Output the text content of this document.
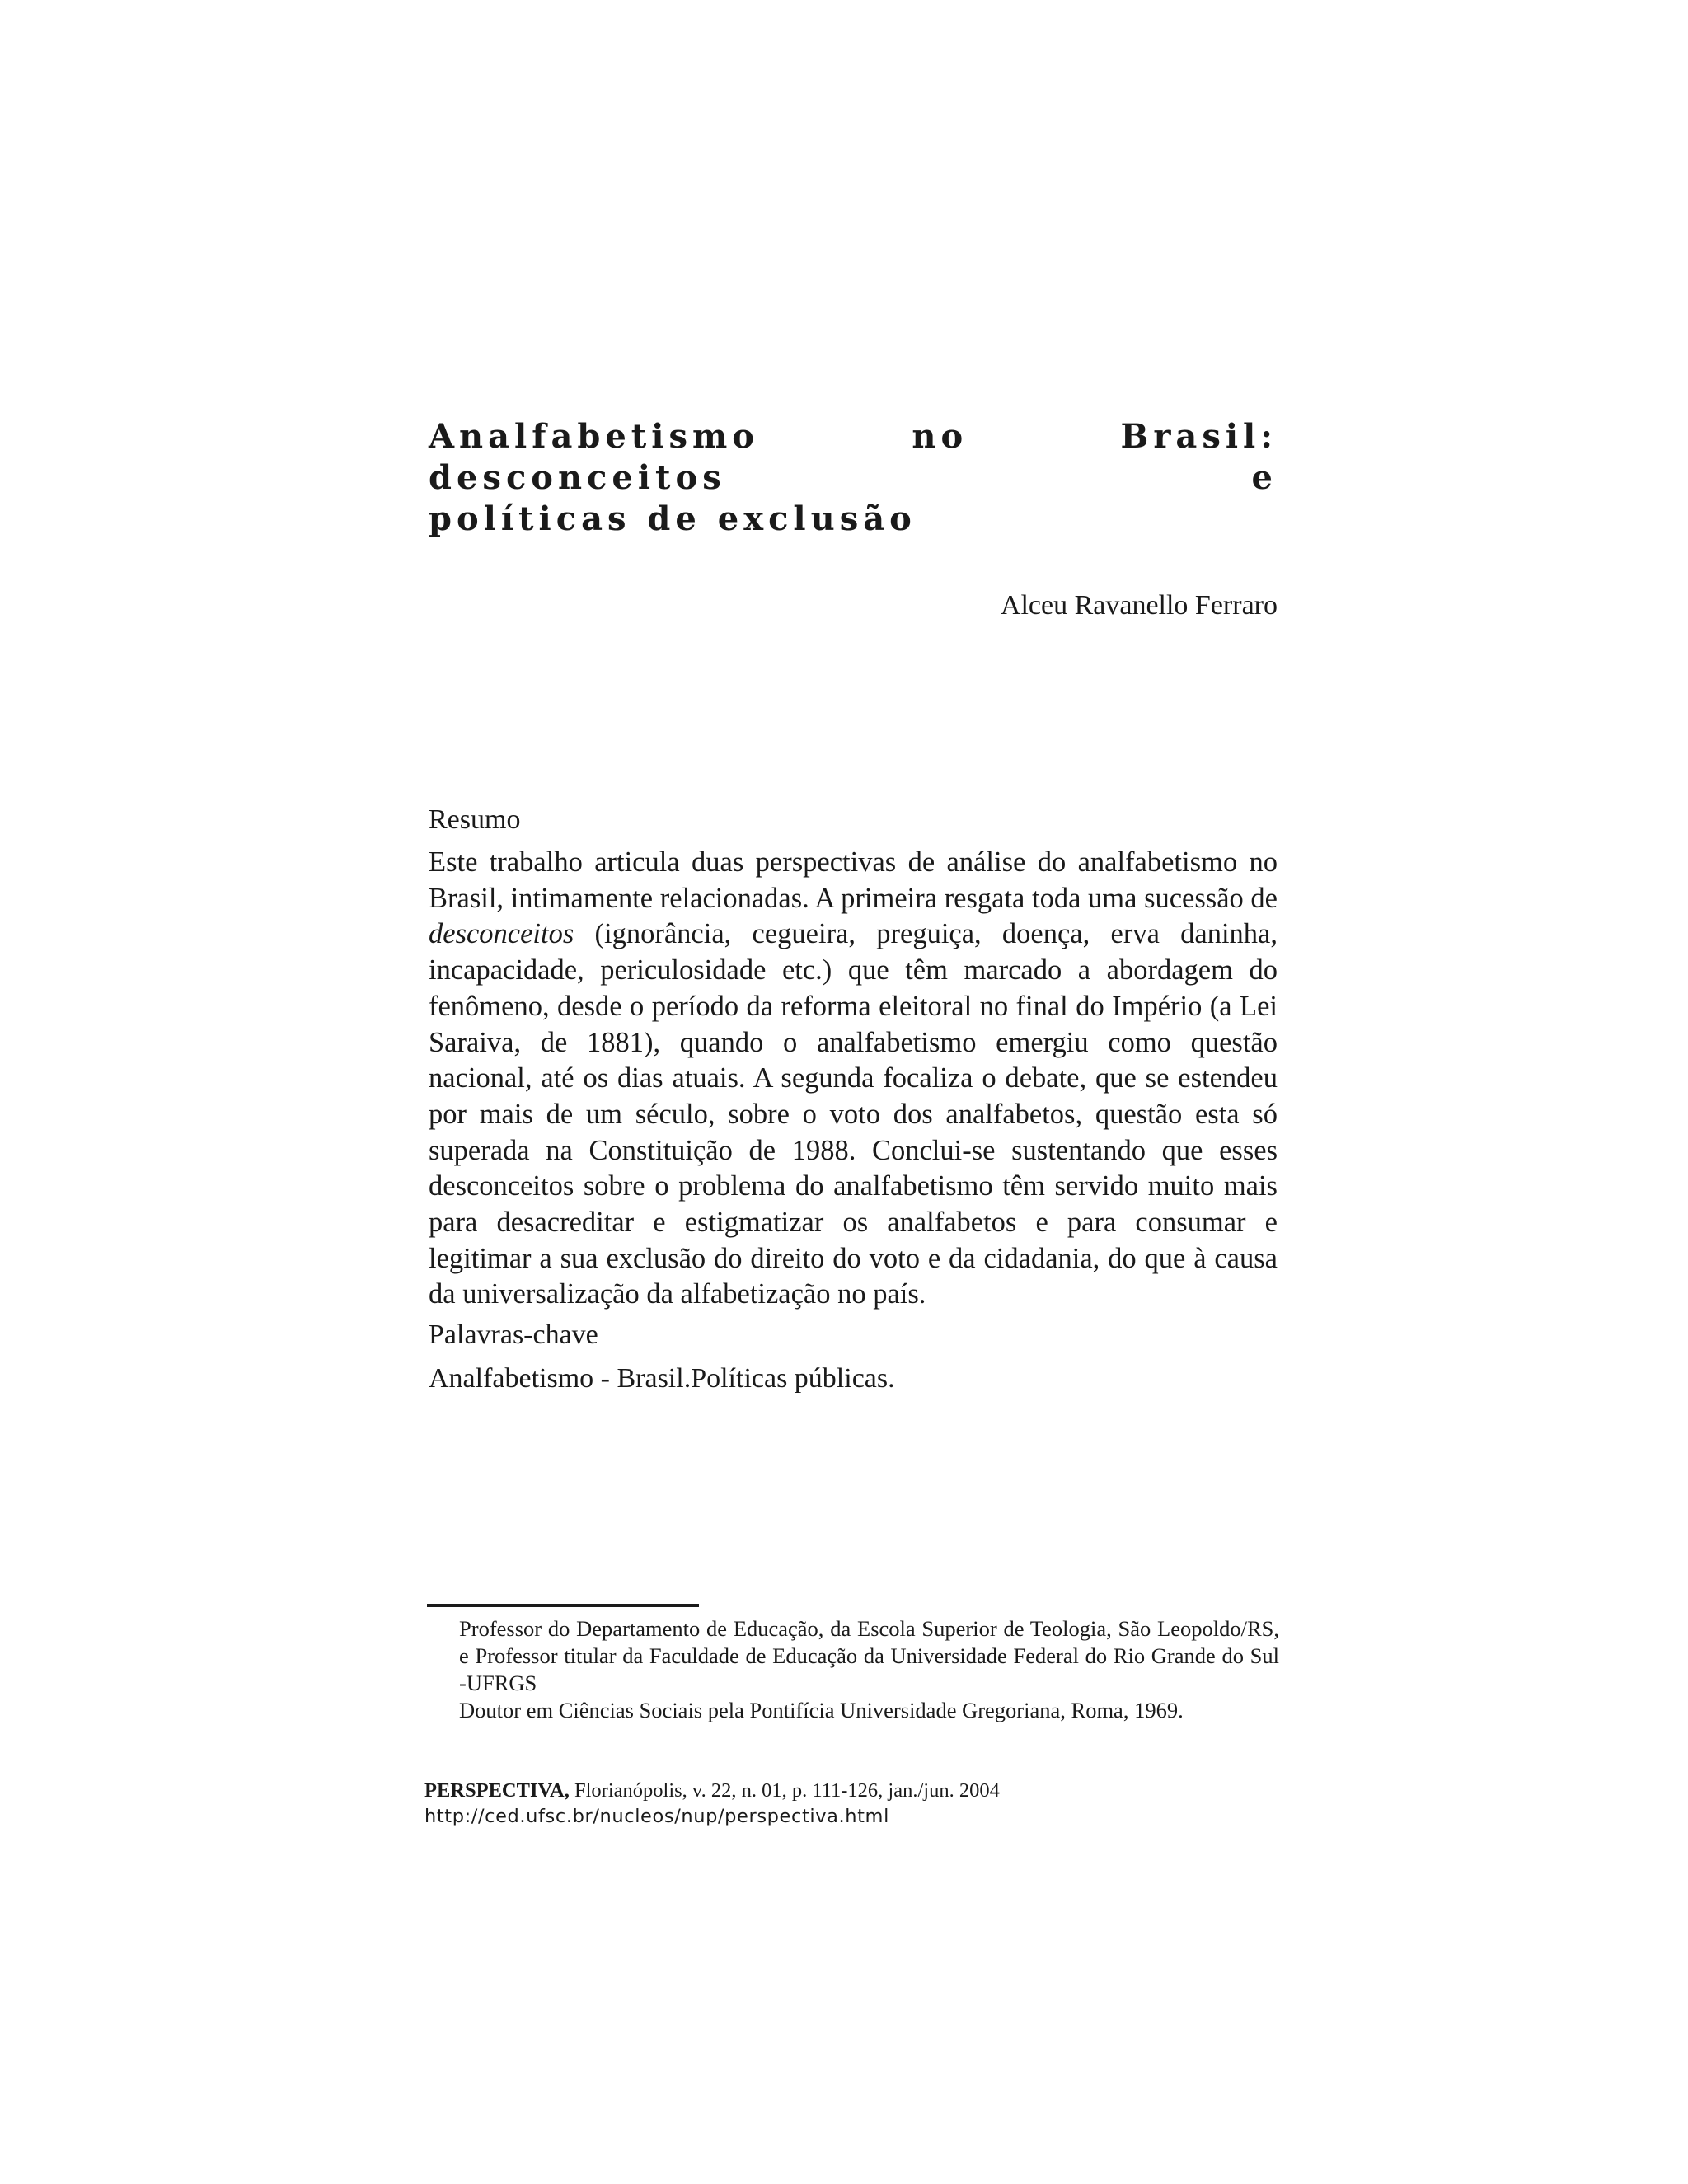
Analfabetismo no Brasil: desconceitos e
políticas de exclusão

Alceu Ravanello Ferraro

Resumo

Este trabalho articula duas perspectivas de análise do analfabetismo no Brasil, intimamente relacionadas. A primeira resgata toda uma sucessão de desconceitos (ignorância, cegueira, preguiça, doença, erva daninha, incapacidade, periculosidade etc.) que têm marcado a abordagem do fenômeno, desde o período da reforma eleitoral no final do Império (a Lei Saraiva, de 1881), quando o analfabetismo emergiu como questão nacional, até os dias atuais. A segunda focaliza o debate, que se estendeu por mais de um século, sobre o voto dos analfabetos, questão esta só superada na Constituição de 1988. Conclui-se sustentando que esses desconceitos sobre o problema do analfabetismo têm servido muito mais para desacreditar e estigmatizar os analfabetos e para consumar e legitimar a sua exclusão do direito do voto e da cidadania, do que à causa da universalização da alfabetização no país.

Palavras-chave

Analfabetismo - Brasil.Políticas públicas.

Professor do Departamento de Educação, da Escola Superior de Teologia, São Leopoldo/RS, e Professor titular da Faculdade de Educação da Universidade Federal do Rio Grande do Sul -UFRGS

Doutor em Ciências Sociais pela Pontifícia Universidade Gregoriana, Roma, 1969.

PERSPECTIVA, Florianópolis, v. 22, n. 01, p. 111-126, jan./jun. 2004

http://ced.ufsc.br/nucleos/nup/perspectiva.html
